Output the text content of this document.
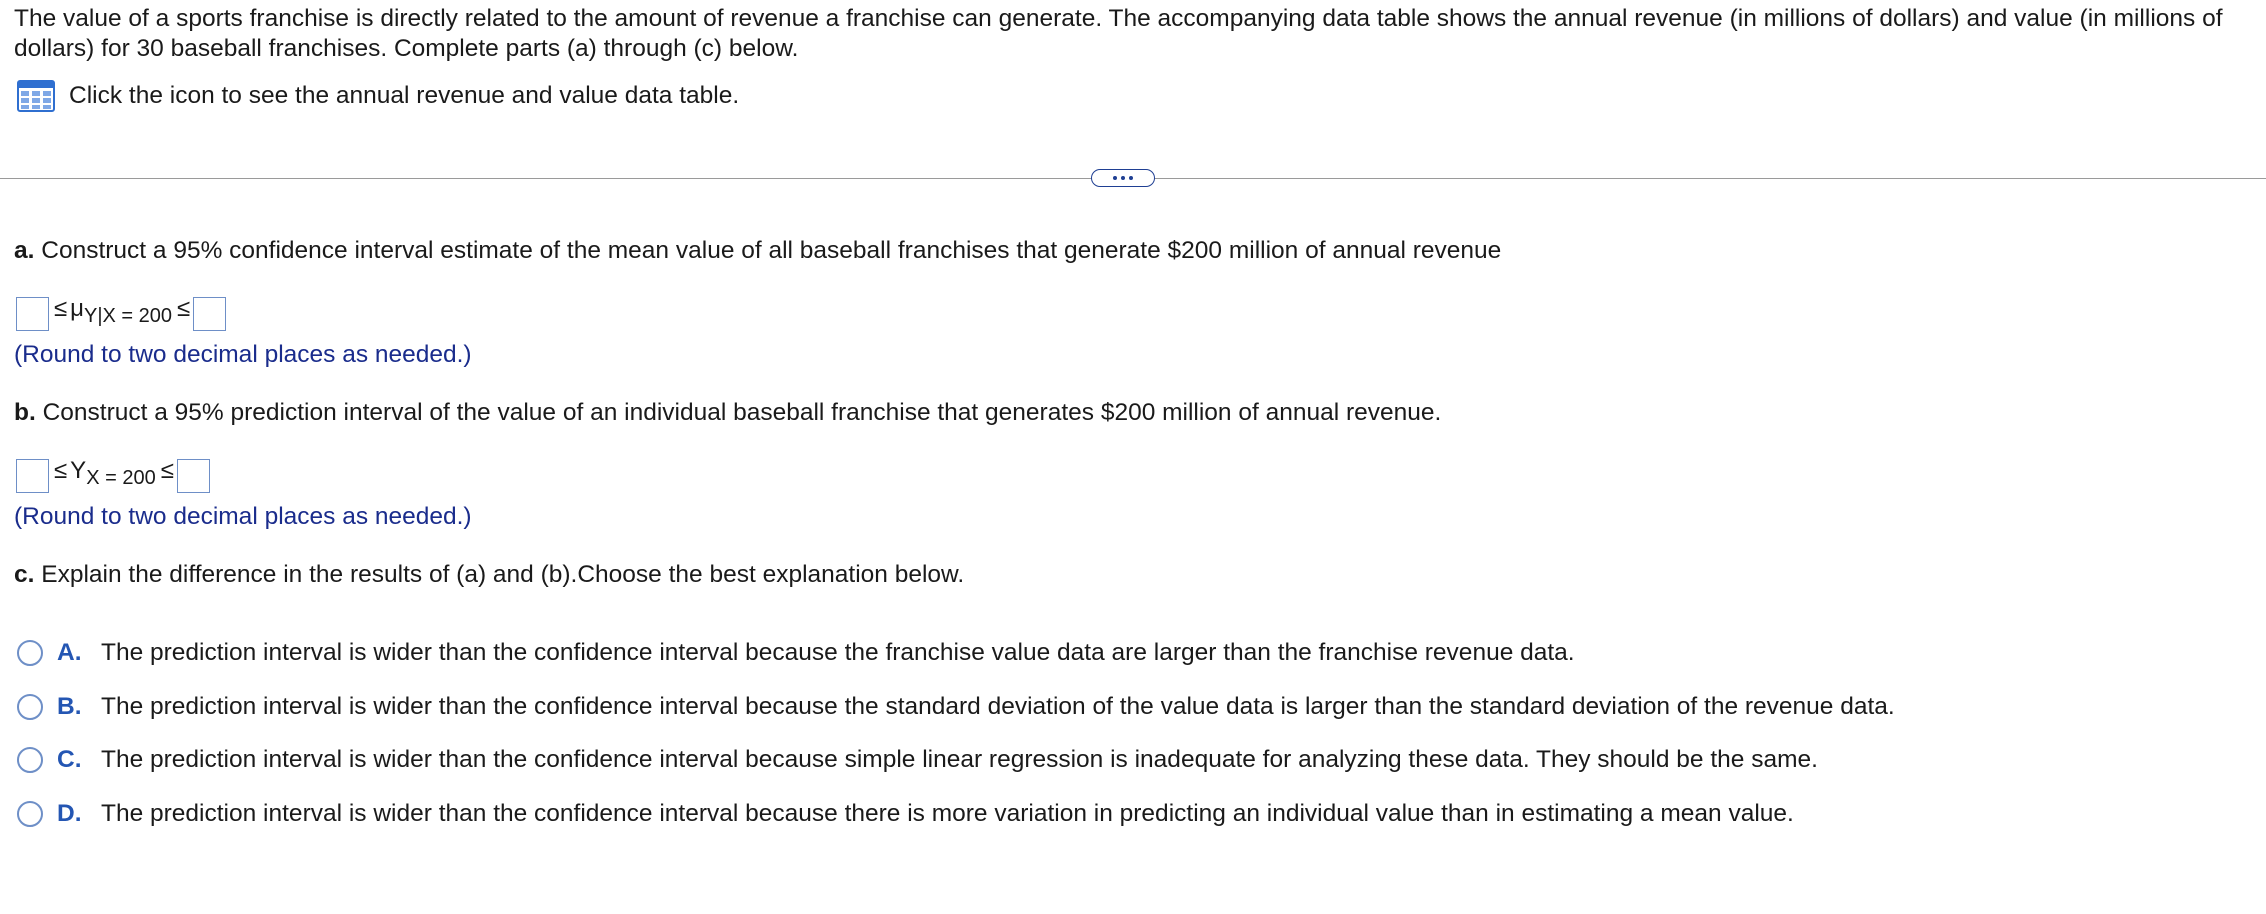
The value of a sports franchise is directly related to the amount of revenue a franchise can generate. The accompanying data table shows the annual revenue (in millions of dollars) and value (in millions of dollars) for 30 baseball franchises. Complete parts (a) through (c) below.
Click the icon to see the annual revenue and value data table.
a. Construct a 95% confidence interval estimate of the mean value of all baseball franchises that generate $200 million of annual revenue
≤ $\mu_{Y|X = 200}$ ≤
(Round to two decimal places as needed.)
b. Construct a 95% prediction interval of the value of an individual baseball franchise that generates $200 million of annual revenue.
≤ $Y_{X = 200}$ ≤
(Round to two decimal places as needed.)
c. Explain the difference in the results of (a) and (b).Choose the best explanation below.
A. The prediction interval is wider than the confidence interval because the franchise value data are larger than the franchise revenue data.
B. The prediction interval is wider than the confidence interval because the standard deviation of the value data is larger than the standard deviation of the revenue data.
C. The prediction interval is wider than the confidence interval because simple linear regression is inadequate for analyzing these data. They should be the same.
D. The prediction interval is wider than the confidence interval because there is more variation in predicting an individual value than in estimating a mean value.
